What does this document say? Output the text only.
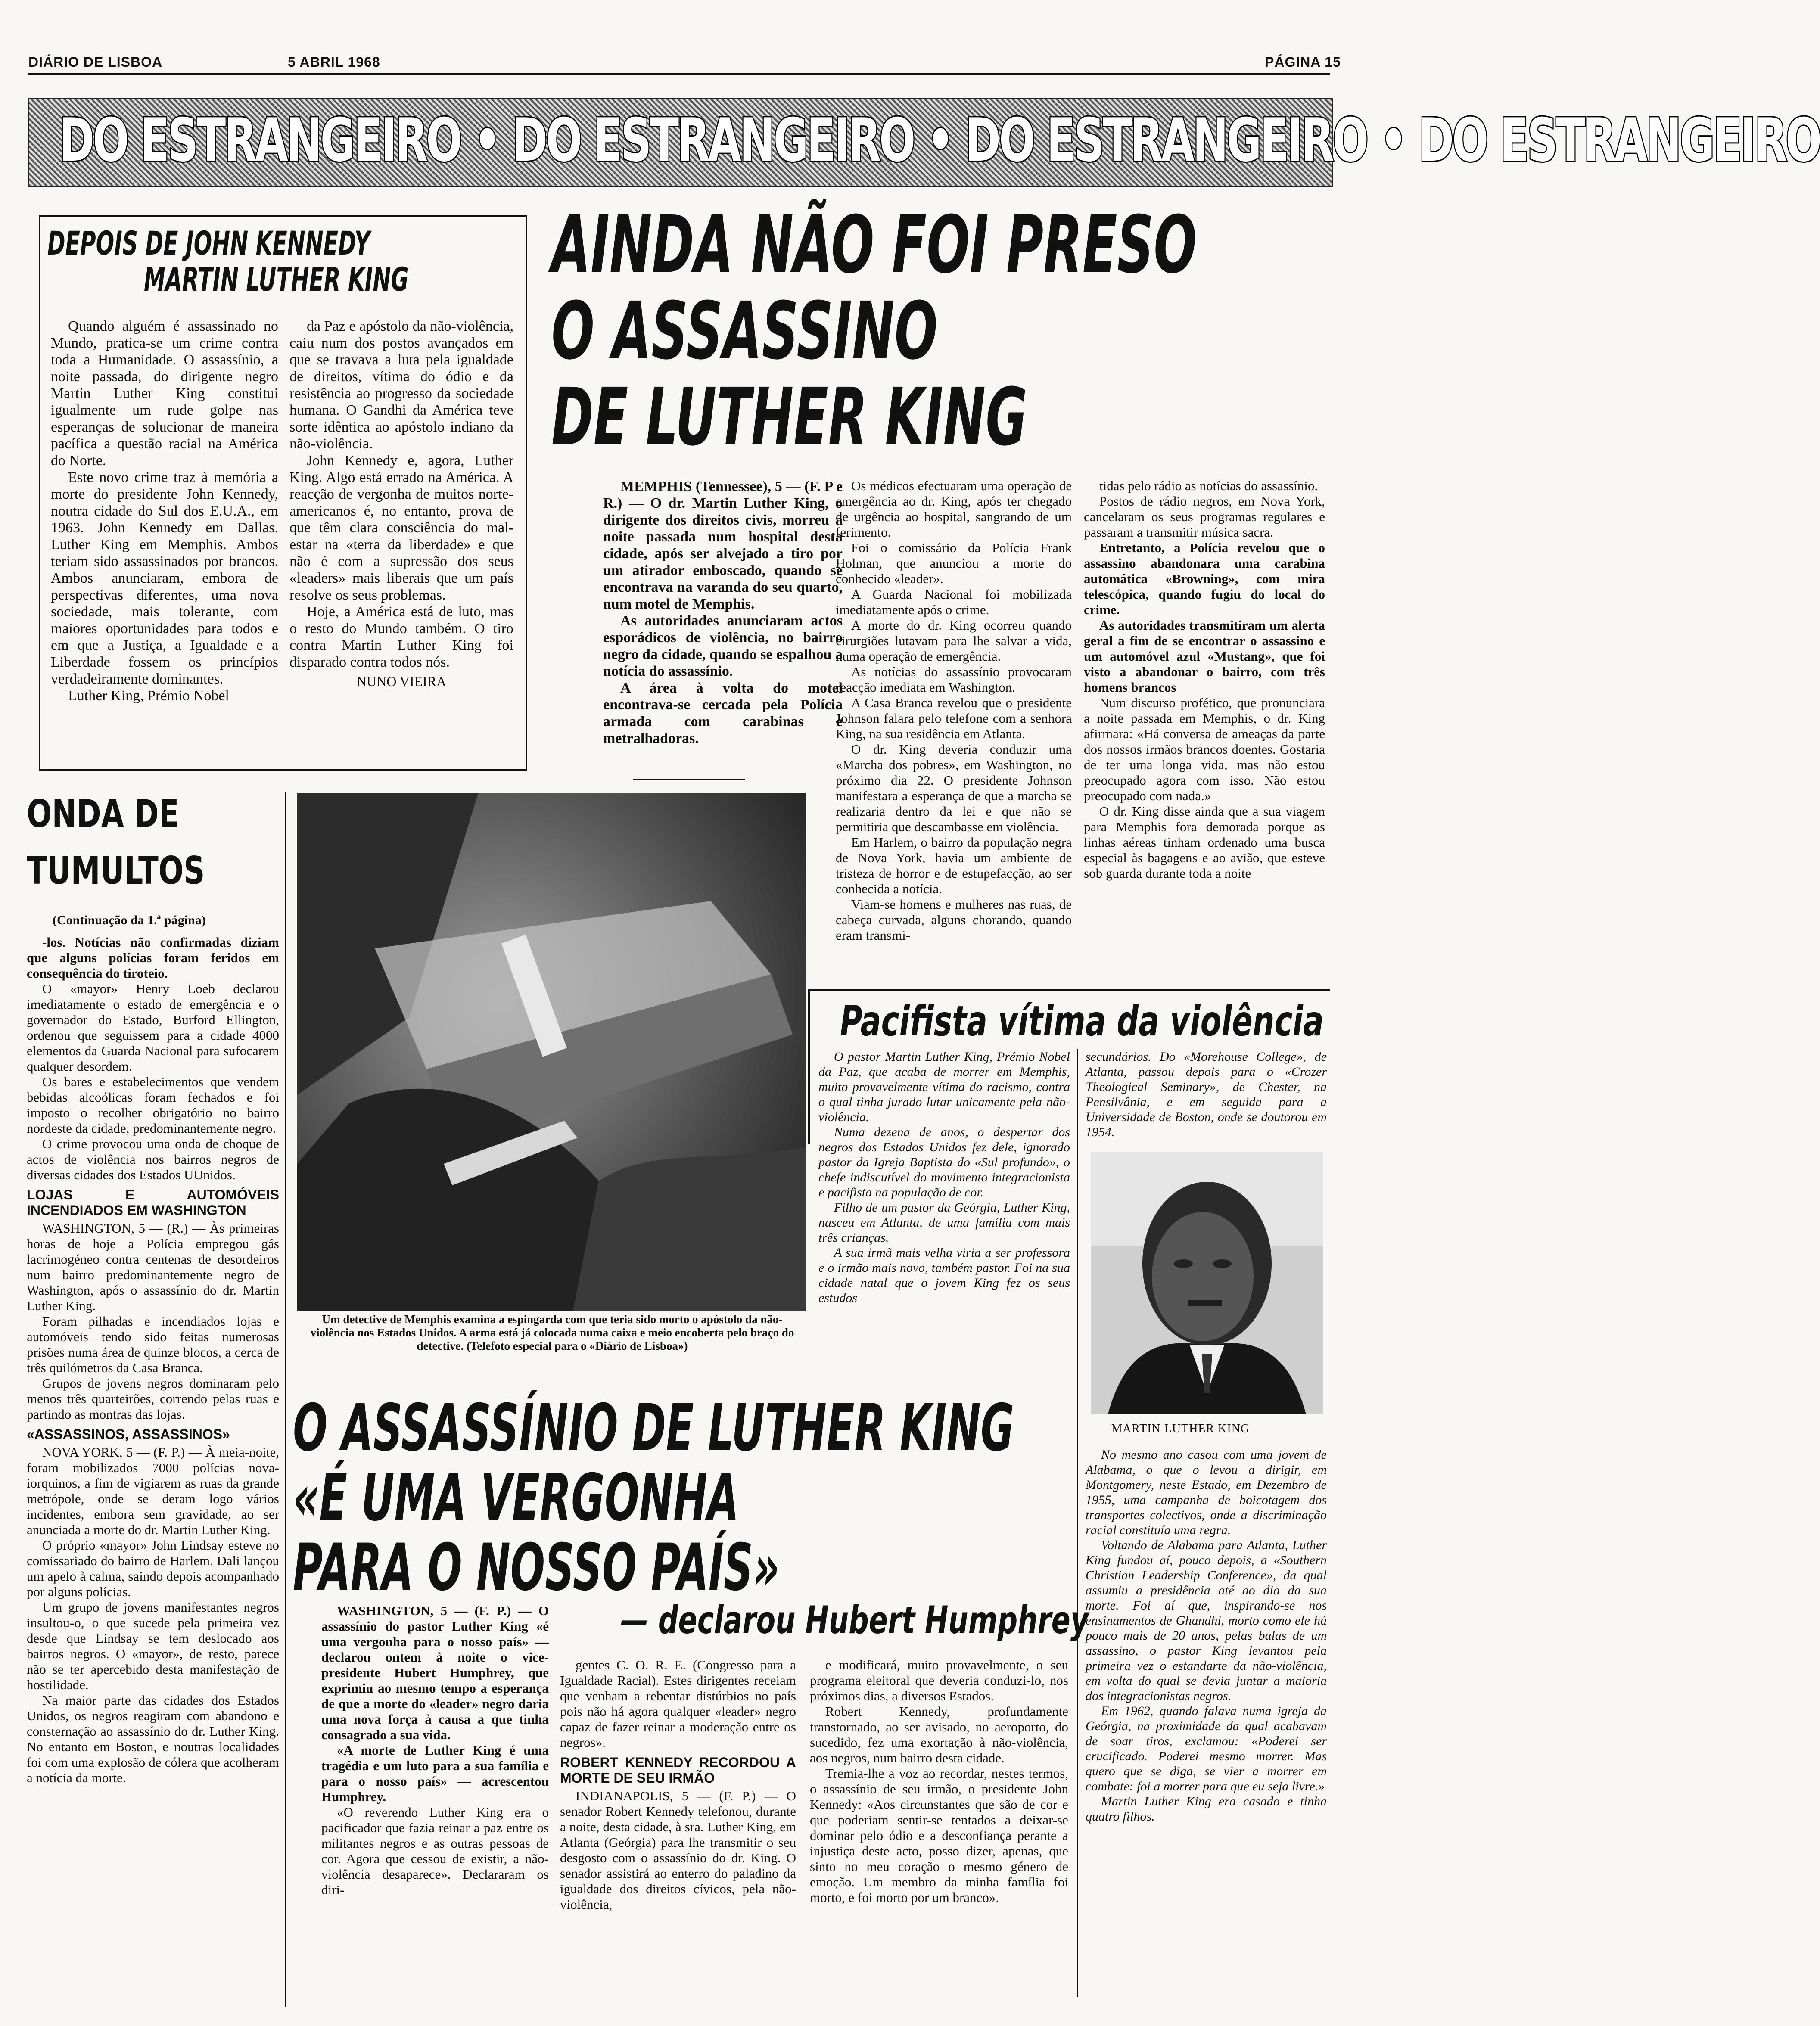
DIÁRIO DE LISBOA	5 ABRIL 1968	PÁGINA 15
DO ESTRANGEIRO • DO ESTRANGEIRO • DO ESTRANGEIRO • DO ESTRANGEIRO
DEPOIS DE JOHN KENNEDY
MARTIN LUTHER KING

Quando alguém é assassinado no Mundo, pratica-se um crime contra toda a Humanidade. O assassínio, a noite passada, do dirigente negro Martin Luther King constitui igualmente um rude golpe nas esperanças de solucionar de maneira pacífica a questão racial na América do Norte.

Este novo crime traz à memória a morte do presidente John Kennedy, noutra cidade do Sul dos E.U.A., em 1963. John Kennedy em Dallas. Luther King em Memphis. Ambos teriam sido assassinados por brancos. Ambos anunciaram, embora de perspectivas diferentes, uma nova sociedade, mais tolerante, com maiores oportunidades para todos e em que a Justiça, a Igualdade e a Liberdade fossem os princípios verdadeiramente dominantes.

Luther King, Prémio Nobel

da Paz e apóstolo da não-violência, caiu num dos postos avançados em que se travava a luta pela igualdade de direitos, vítima do ódio e da resistência ao progresso da sociedade humana. O Gandhi da América teve sorte idêntica ao apóstolo indiano da não-violência.

John Kennedy e, agora, Luther King. Algo está errado na América. A reacção de vergonha de muitos norte-americanos é, no entanto, prova de que têm clara consciência do mal-estar na «terra da liberdade» e que não é com a supressão dos seus «leaders» mais liberais que um país resolve os seus problemas.

Hoje, a América está de luto, mas o resto do Mundo também. O tiro contra Martin Luther King foi disparado contra todos nós.

NUNO VIEIRA
AINDA NÃO FOI PRESO
O ASSASSINO
DE LUTHER KING

MEMPHIS (Tennessee), 5 — (F. P e R.) — O dr. Martin Luther King, o dirigente dos direitos civis, morreu a noite passada num hospital desta cidade, após ser alvejado a tiro por um atirador emboscado, quando se encontrava na varanda do seu quarto, num motel de Memphis.

As autoridades anunciaram actos esporádicos de violência, no bairro negro da cidade, quando se espalhou a notícia do assassínio.

A área à volta do motel encontrava-se cercada pela Polícia armada com carabinas e metralhadoras.

Os médicos efectuaram uma operação de emergência ao dr. King, após ter chegado de urgência ao hospital, sangrando de um ferimento.

Foi o comissário da Polícia Frank Holman, que anunciou a morte do conhecido «leader».

A Guarda Nacional foi mobilizada imediatamente após o crime.

A morte do dr. King ocorreu quando cirurgiões lutavam para lhe salvar a vida, numa operação de emergência.

As notícias do assassínio provocaram reacção imediata em Washington.

A Casa Branca revelou que o presidente Johnson falara pelo telefone com a senhora King, na sua residência em Atlanta.

O dr. King deveria conduzir uma «Marcha dos pobres», em Washington, no próximo dia 22. O presidente Johnson manifestara a esperança de que a marcha se realizaria dentro da lei e que não se permitiria que descambasse em violência.

Em Harlem, o bairro da população negra de Nova York, havia um ambiente de tristeza de horror e de estupefacção, ao ser conhecida a notícia.

Viam-se homens e mulheres nas ruas, de cabeça curvada, alguns chorando, quando eram transmi-

tidas pelo rádio as notícias do assassínio.

Postos de rádio negros, em Nova York, cancelaram os seus programas regulares e passaram a transmitir música sacra.

Entretanto, a Polícia revelou que o assassino abandonara uma carabina automática «Browning», com mira telescópica, quando fugiu do local do crime.

As autoridades transmitiram um alerta geral a fim de se encontrar o assassino e um automóvel azul «Mustang», que foi visto a abandonar o bairro, com três homens brancos

Num discurso profético, que pronunciara a noite passada em Memphis, o dr. King afirmara: «Há conversa de ameaças da parte dos nossos irmãos brancos doentes. Gostaria de ter uma longa vida, mas não estou preocupado agora com isso. Não estou preocupado com nada.»

O dr. King disse ainda que a sua viagem para Memphis fora demorada porque as linhas aéreas tinham ordenado uma busca especial às bagagens e ao avião, que esteve sob guarda durante toda a noite

Um detective de Memphis examina a espingarda com que teria sido morto o apóstolo da não-violência nos Estados Unidos. A arma está já colocada numa caixa e meio encoberta pelo braço do detective. (Telefoto especial para o «Diário de Lisboa»)
ONDA DE
TUMULTOS
(Continuação da 1.ª página)

-los. Notícias não confirmadas diziam que alguns polícias foram feridos em consequência do tiroteio.

O «mayor» Henry Loeb declarou imediatamente o estado de emergência e o governador do Estado, Burford Ellington, ordenou que seguissem para a cidade 4000 elementos da Guarda Nacional para sufocarem qualquer desordem.

Os bares e estabelecimentos que vendem bebidas alcoólicas foram fechados e foi imposto o recolher obrigatório no bairro nordeste da cidade, predominantemente negro.

O crime provocou uma onda de choque de actos de violência nos bairros negros de diversas cidades dos Estados UUnidos.

LOJAS E AUTOMÓVEIS INCENDIADOS EM WASHINGTON

WASHINGTON, 5 — (R.) — Às primeiras horas de hoje a Polícia empregou gás lacrimogéneo contra centenas de desordeiros num bairro predominantemente negro de Washington, após o assassínio do dr. Martin Luther King.

Foram pilhadas e incendiados lojas e automóveis tendo sido feitas numerosas prisões numa área de quinze blocos, a cerca de três quilómetros da Casa Branca.

Grupos de jovens negros dominaram pelo menos três quarteirões, correndo pelas ruas e partindo as montras das lojas.

«ASSASSINOS, ASSASSINOS»

NOVA YORK, 5 — (F. P.) — À meia-noite, foram mobilizados 7000 polícias nova-iorquinos, a fim de vigiarem as ruas da grande metrópole, onde se deram logo vários incidentes, embora sem gravidade, ao ser anunciada a morte do dr. Martin Luther King.

O próprio «mayor» John Lindsay esteve no comissariado do bairro de Harlem. Dali lançou um apelo à calma, saindo depois acompanhado por alguns polícias.

Um grupo de jovens manifestantes negros insultou-o, o que sucede pela primeira vez desde que Lindsay se tem deslocado aos bairros negros. O «mayor», de resto, parece não se ter apercebido desta manifestação de hostilidade.

Na maior parte das cidades dos Estados Unidos, os negros reagiram com abandono e consternação ao assassínio do dr. Luther King. No entanto em Boston, e noutras localidades foi com uma explosão de cólera que acolheram a notícia da morte.

Pacifista vítima da violência

O pastor Martin Luther King, Prémio Nobel da Paz, que acaba de morrer em Memphis, muito provavelmente vítima do racismo, contra o qual tinha jurado lutar unicamente pela não-violência.

Numa dezena de anos, o despertar dos negros dos Estados Unidos fez dele, ignorado pastor da Igreja Baptista do «Sul profundo», o chefe indiscutível do movimento integracionista e pacifista na população de cor.

Filho de um pastor da Geórgia, Luther King, nasceu em Atlanta, de uma família com mais três crianças.

A sua irmã mais velha viria a ser professora e o irmão mais novo, também pastor. Foi na sua cidade natal que o jovem King fez os seus estudos

secundários. Do «Morehouse College», de Atlanta, passou depois para o «Crozer Theological Seminary», de Chester, na Pensilvânia, e em seguida para a Universidade de Boston, onde se doutorou em 1954.
MARTIN LUTHER KING

No mesmo ano casou com uma jovem de Alabama, o que o levou a dirigir, em Montgomery, neste Estado, em Dezembro de 1955, uma campanha de boicotagem dos transportes colectivos, onde a discriminação racial constituía uma regra.

Voltando de Alabama para Atlanta, Luther King fundou aí, pouco depois, a «Southern Christian Leadership Conference», da qual assumiu a presidência até ao dia da sua morte. Foi aí que, inspirando-se nos ensinamentos de Ghandhi, morto como ele há pouco mais de 20 anos, pelas balas de um assassino, o pastor King levantou pela primeira vez o estandarte da não-violência, em volta do qual se devia juntar a maioria dos integracionistas negros.

Em 1962, quando falava numa igreja da Geórgia, na proximidade da qual acabavam de soar tiros, exclamou: «Poderei ser crucificado. Poderei mesmo morrer. Mas quero que se diga, se vier a morrer em combate: foi a morrer para que eu seja livre.»

Martin Luther King era casado e tinha quatro filhos.

O ASSASSÍNIO DE LUTHER KING
«É UMA VERGONHA
PARA O NOSSO PAÍS»
— declarou Hubert Humphrey

WASHINGTON, 5 — (F. P.) — O assassínio do pastor Luther King «é uma vergonha para o nosso país» — declarou ontem à noite o vice-presidente Hubert Humphrey, que exprimiu ao mesmo tempo a esperança de que a morte do «leader» negro daria uma nova força à causa a que tinha consagrado a sua vida.

«A morte de Luther King é uma tragédia e um luto para a sua família e para o nosso país» — acrescentou Humphrey.

«O reverendo Luther King era o pacificador que fazia reinar a paz entre os militantes negros e as outras pessoas de cor. Agora que cessou de existir, a não-violência desaparece». Declararam os diri-

gentes C. O. R. E. (Congresso para a Igualdade Racial). Estes dirigentes receiam que venham a rebentar distúrbios no país pois não há agora qualquer «leader» negro capaz de fazer reinar a moderação entre os negros».

ROBERT KENNEDY RECORDOU A MORTE DE SEU IRMÃO

INDIANAPOLIS, 5 — (F. P.) — O senador Robert Kennedy telefonou, durante a noite, desta cidade, à sra. Luther King, em Atlanta (Geórgia) para lhe transmitir o seu desgosto com o assassínio do dr. King. O senador assistirá ao enterro do paladino da igualdade dos direitos cívicos, pela não-violência,

e modificará, muito provavelmente, o seu programa eleitoral que deveria conduzi-lo, nos próximos dias, a diversos Estados.

Robert Kennedy, profundamente transtornado, ao ser avisado, no aeroporto, do sucedido, fez uma exortação à não-violência, aos negros, num bairro desta cidade.

Tremia-lhe a voz ao recordar, nestes termos, o assassínio de seu irmão, o presidente John Kennedy: «Aos circunstantes que são de cor e que poderiam sentir-se tentados a deixar-se dominar pelo ódio e a desconfiança perante a injustiça deste acto, posso dizer, apenas, que sinto no meu coração o mesmo género de emoção. Um membro da minha família foi morto, e foi morto por um branco».
